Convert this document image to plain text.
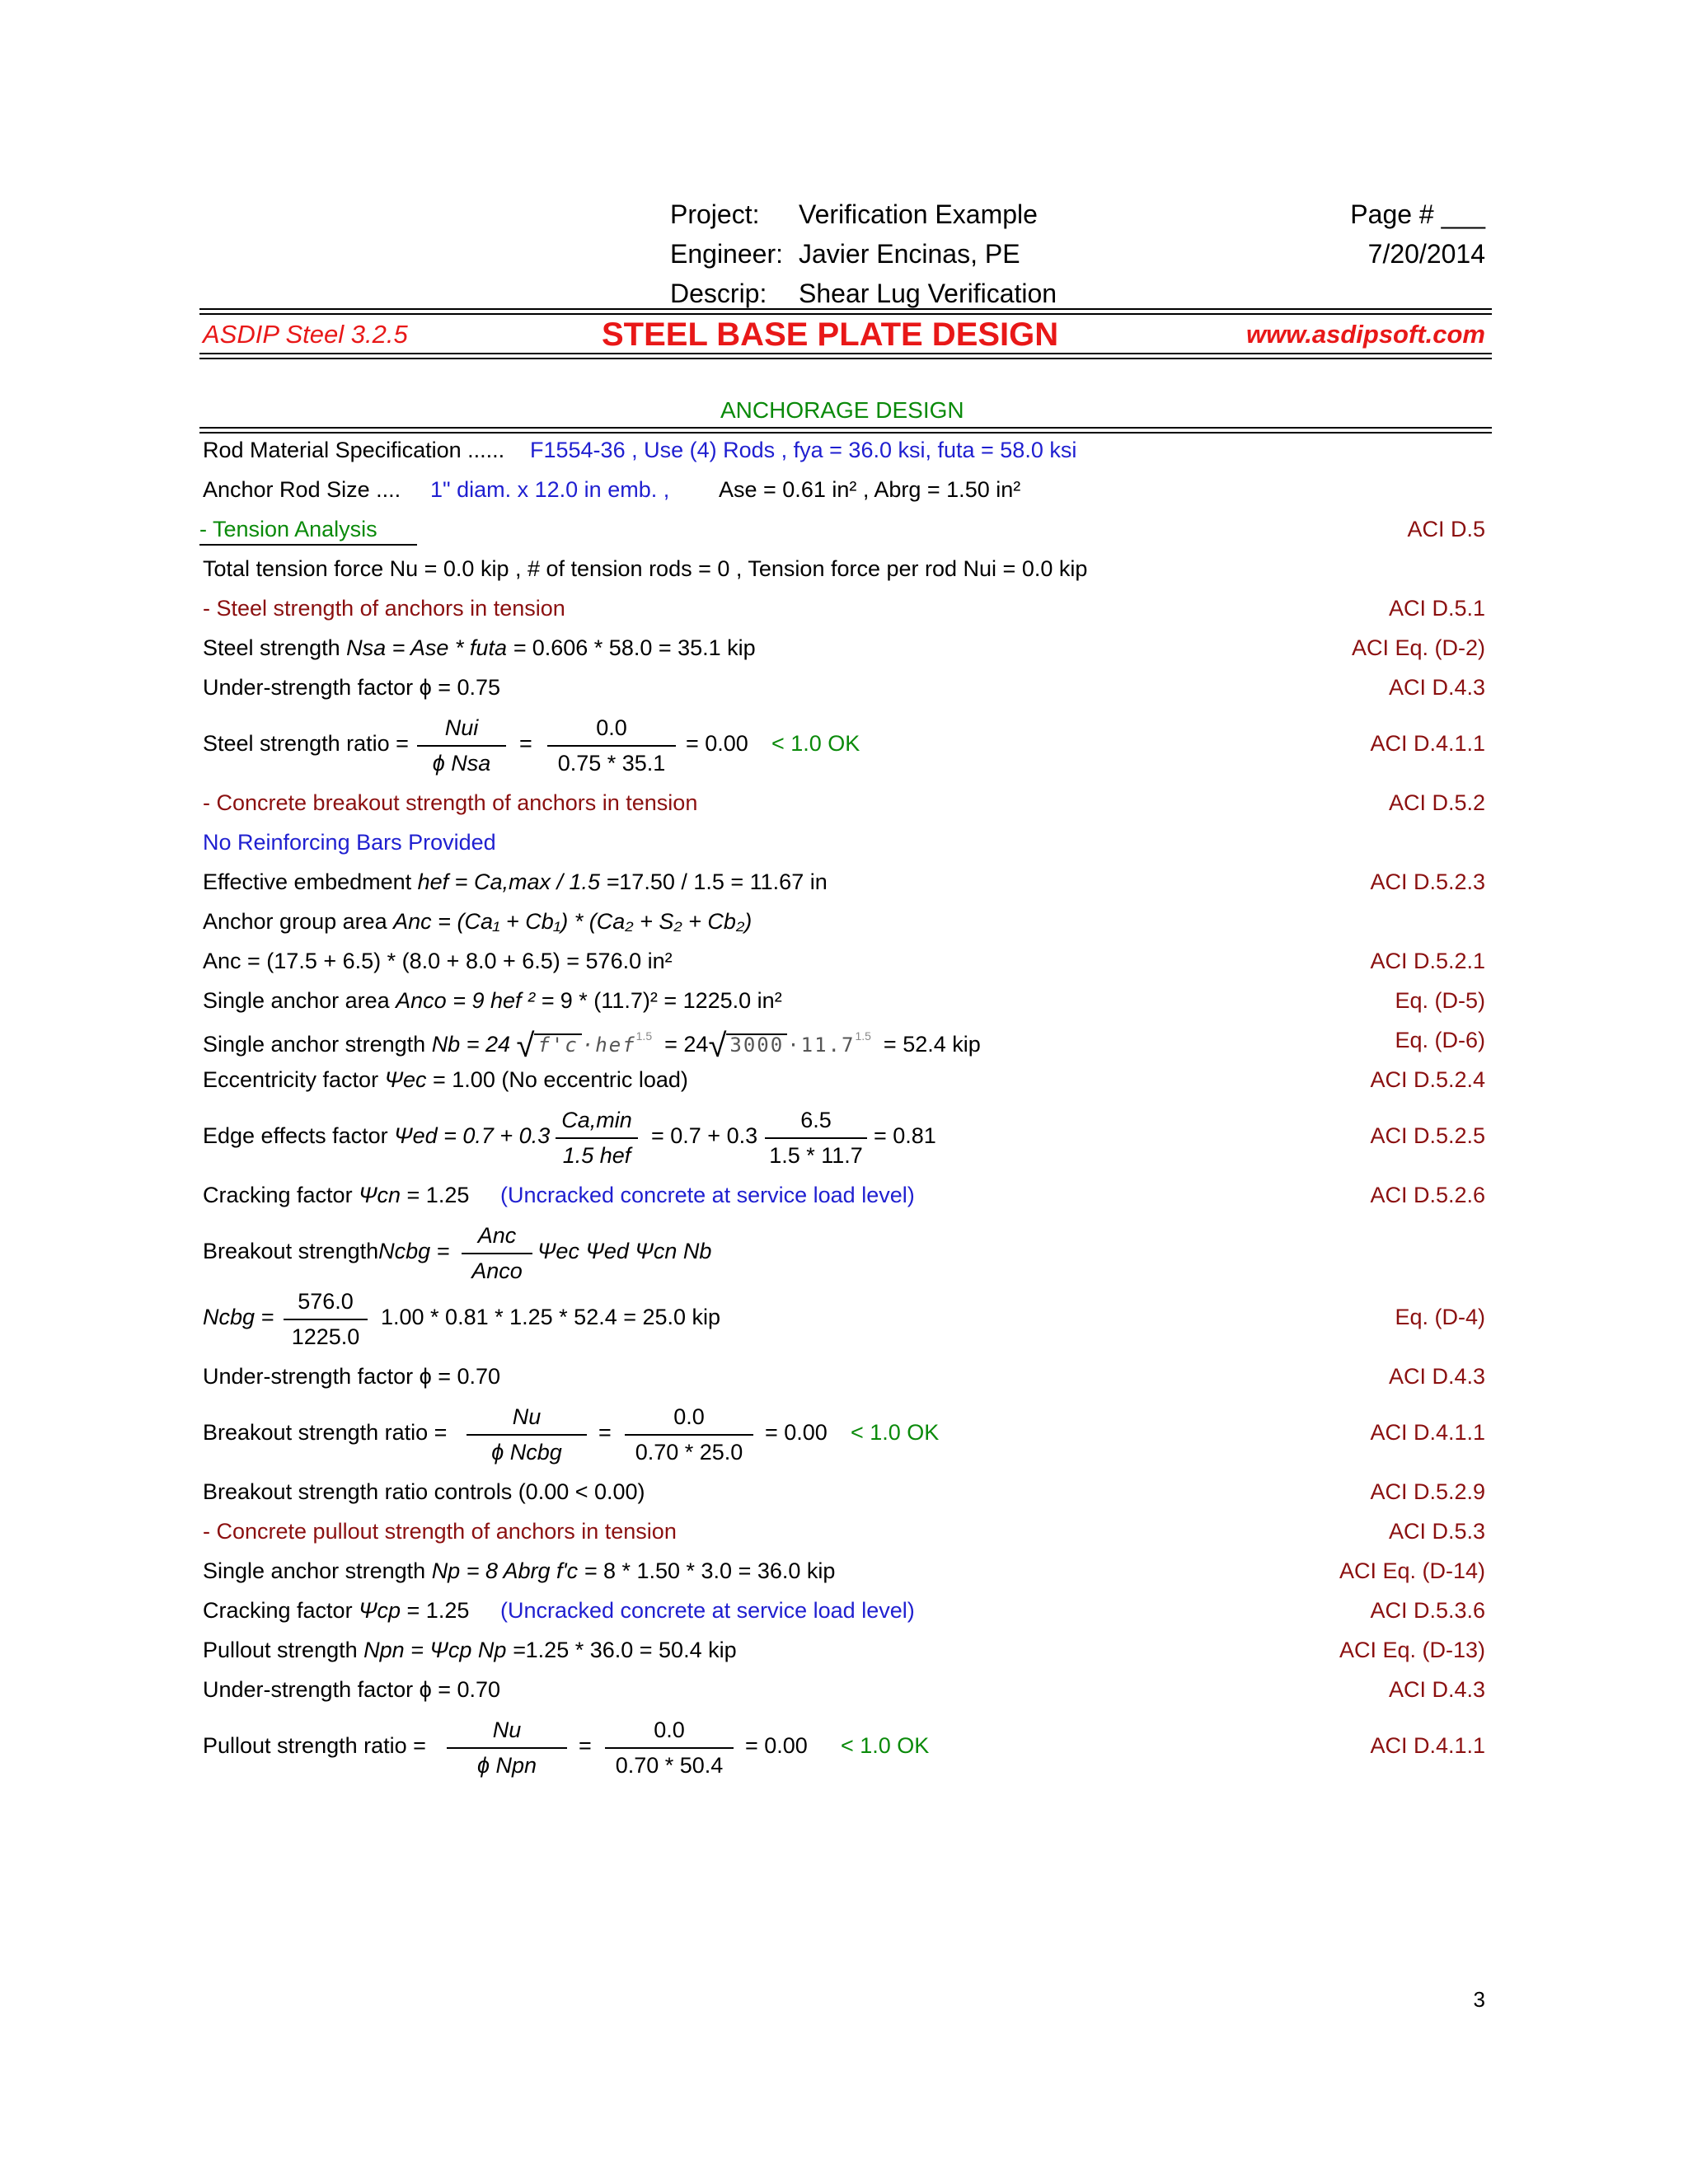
Project: Verification Example
Engineer: Javier Encinas, PE
Descrip: Shear Lug Verification
Page # ___
7/20/2014
ASDIP Steel 3.2.5	STEEL BASE PLATE DESIGN	www.asdipsoft.com
ANCHORAGE DESIGN
Rod Material Specification ...... F1554-36 , Use (4) Rods , fya = 36.0 ksi, futa = 58.0 ksi
Anchor Rod Size .... 1" diam. x 12.0 in emb. , Ase = 0.61 in² , Abrg = 1.50 in²
- Tension Analysis	ACI D.5
Total tension force Nu = 0.0 kip , # of tension rods = 0 , Tension force per rod Nui = 0.0 kip
- Steel strength of anchors in tension	ACI D.5.1
Steel strength Nsa = Ase * futa = 0.606 * 58.0 = 35.1 kip	ACI Eq. (D-2)
Under-strength factor ϕ = 0.75	ACI D.4.3
Steel strength ratio =
Nui
ϕ Nsa
= $\frac{0.0}{0.75 * 35.1} = 0.00 < 1.0$ OK	ACI D.4.1.1
- Concrete breakout strength of anchors in tension	ACI D.5.2
No Reinforcing Bars Provided
Effective embedment hef = Ca,max / 1.5 =17.50 / 1.5 = 11.67 in	ACI D.5.2.3
Anchor group area Anc = (Ca₁ + Cb₁) * (Ca₂ + S₂ + Cb₂)
Anc = (17.5 + 6.5) * (8.0 + 8.0 + 6.5) = 576.0 in²	ACI D.5.2.1
Single anchor area Anco = 9 hef ² = 9 * (11.7)² = 1225.0 in²	Eq. (D-5)
Single anchor strength Nb = 24 √ f'c ·hef$^{1.5}$ = 24√ $3000 \cdot 11.7^{1.5} = 52.4$ kip	Eq. (D-6)
Eccentricity factor Ψec = 1.00 (No eccentric load)	ACI D.5.2.4
Edge effects factor Ψed = 0.7 + 0.3
Ca,min
1.5 hef
= $0.7 + 0.3 \frac{6.5}{1.5 * 11.7} = 0.81$	ACI D.5.2.5
Cracking factor Ψcn = 1.25 (Uncracked concrete at service load level)	ACI D.5.2.6
Breakout strengthNcbg =
Anc
Anco
Ψec Ψed Ψcn Nb
Ncbg = $\frac{576.0}{1225.0} 1.00 * 0.81 * 1.25 * 52.4 = 25.0$ kip	Eq. (D-4)
Under-strength factor ϕ = 0.70	ACI D.4.3
Breakout strength ratio =
Nu
ϕ Ncbg
= $\frac{0.0}{0.70 * 25.0} = 0.00 < 1.0$ OK	ACI D.4.1.1
Breakout strength ratio controls (0.00 < 0.00)	ACI D.5.2.9
- Concrete pullout strength of anchors in tension	ACI D.5.3
Single anchor strength Np = 8 Abrg f'c = 8 * 1.50 * 3.0 = 36.0 kip	ACI Eq. (D-14)
Cracking factor Ψcp = 1.25 (Uncracked concrete at service load level)	ACI D.5.3.6
Pullout strength Npn = Ψcp Np =1.25 * 36.0 = 50.4 kip	ACI Eq. (D-13)
Under-strength factor ϕ = 0.70	ACI D.4.3
Pullout strength ratio =
Nu
ϕ Npn
= $\frac{0.0}{0.70 * 50.4} = 0.00 < 1.0$ OK	ACI D.4.1.1
3
